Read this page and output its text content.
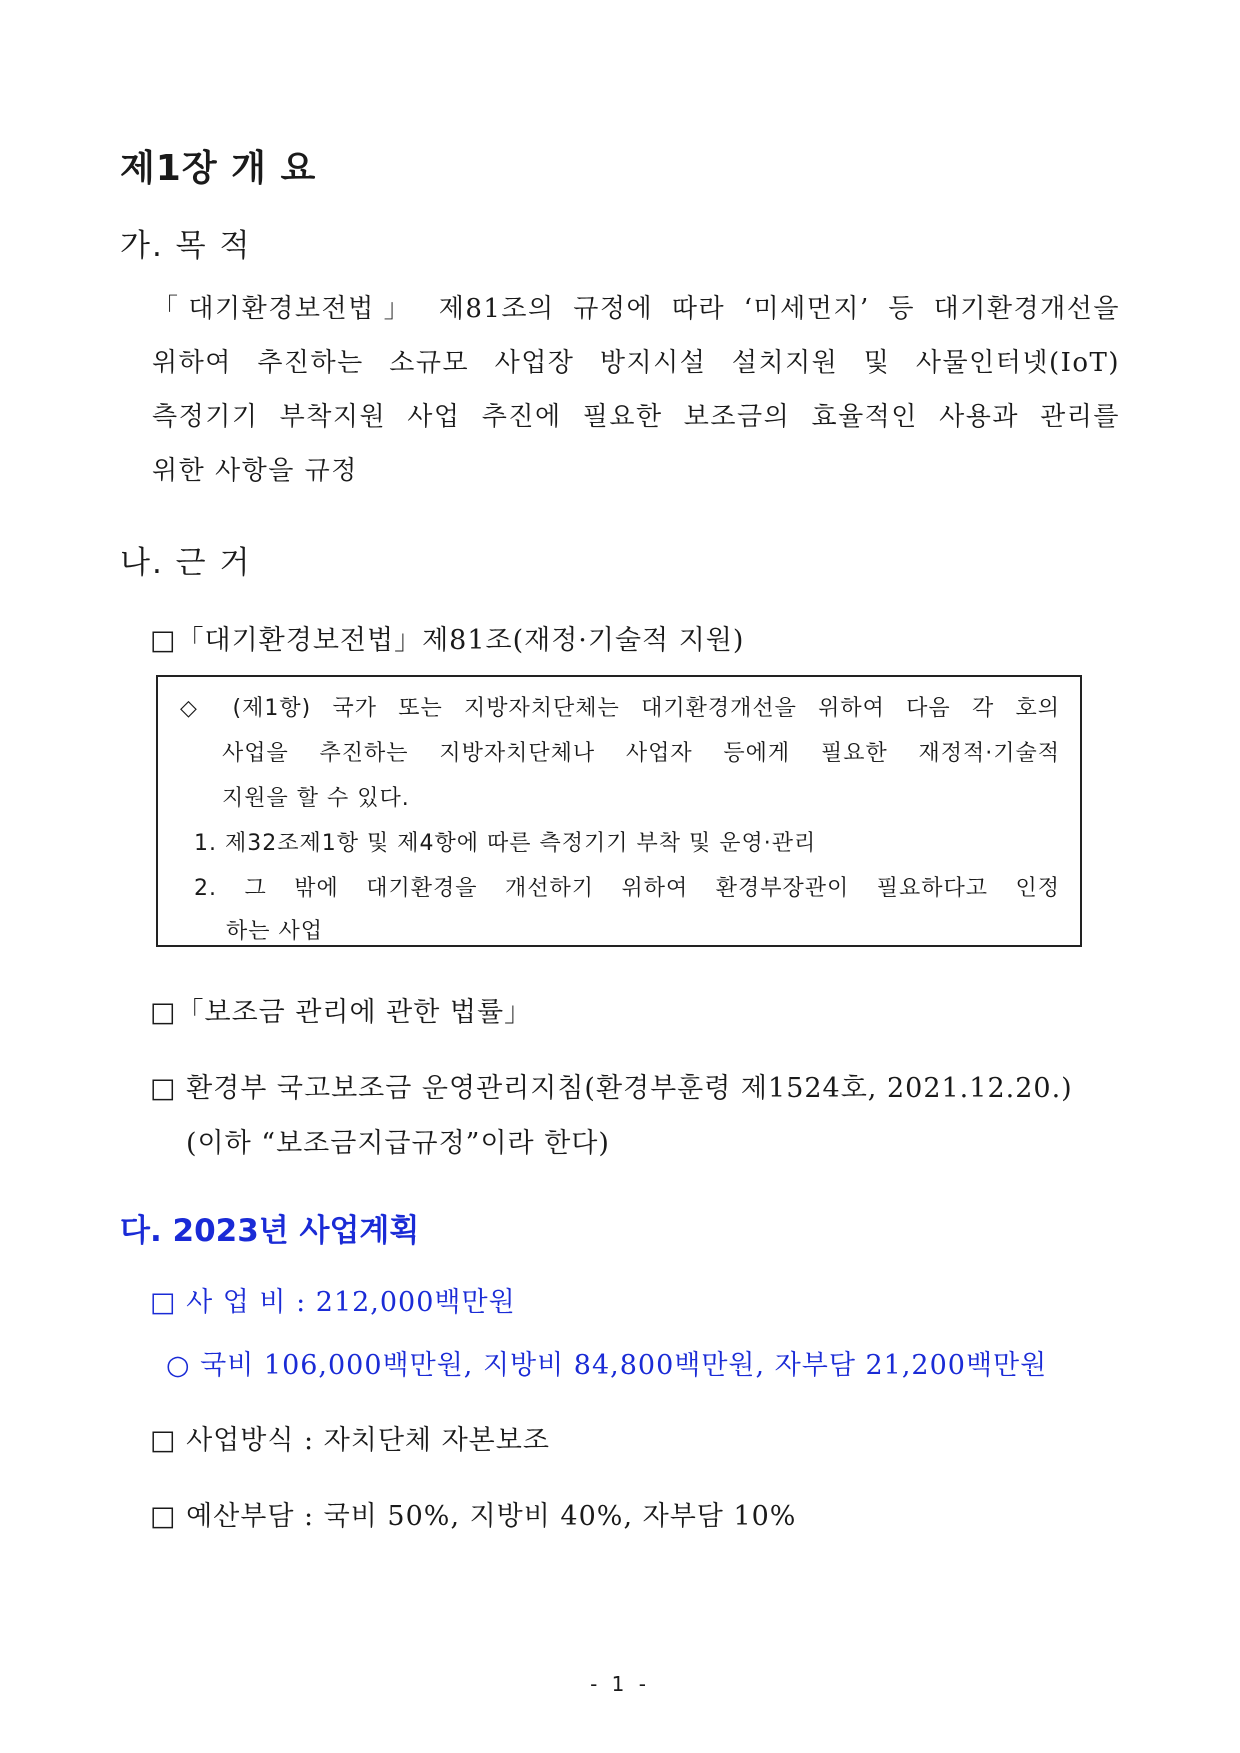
제1장 개 요
가. 목 적
「대기환경보전법」 제81조의 규정에 따라 ‘미세먼지’ 등 대기환경개선을
위하여 추진하는 소규모 사업장 방지시설 설치지원 및 사물인터넷(IoT)
측정기기 부착지원 사업 추진에 필요한 보조금의 효율적인 사용과 관리를
위한 사항을 규정
나. 근 거
□「대기환경보전법」제81조(재정·기술적 지원)
◇ (제1항) 국가 또는 지방자치단체는 대기환경개선을 위하여 다음 각 호의
사업을 추진하는 지방자치단체나 사업자 등에게 필요한 재정적·기술적
지원을 할 수 있다.
1. 제32조제1항 및 제4항에 따른 측정기기 부착 및 운영·관리
2. 그 밖에 대기환경을 개선하기 위하여 환경부장관이 필요하다고 인정
하는 사업
□「보조금 관리에 관한 법률」
□ 환경부 국고보조금 운영관리지침(환경부훈령 제1524호, 2021.12.20.)
(이하 “보조금지급규정”이라 한다)
다. 2023년 사업계획
□ 사 업 비 : 212,000백만원
○ 국비 106,000백만원, 지방비 84,800백만원, 자부담 21,200백만원
□ 사업방식 : 자치단체 자본보조
□ 예산부담 : 국비 50%, 지방비 40%, 자부담 10%
- 1 -
